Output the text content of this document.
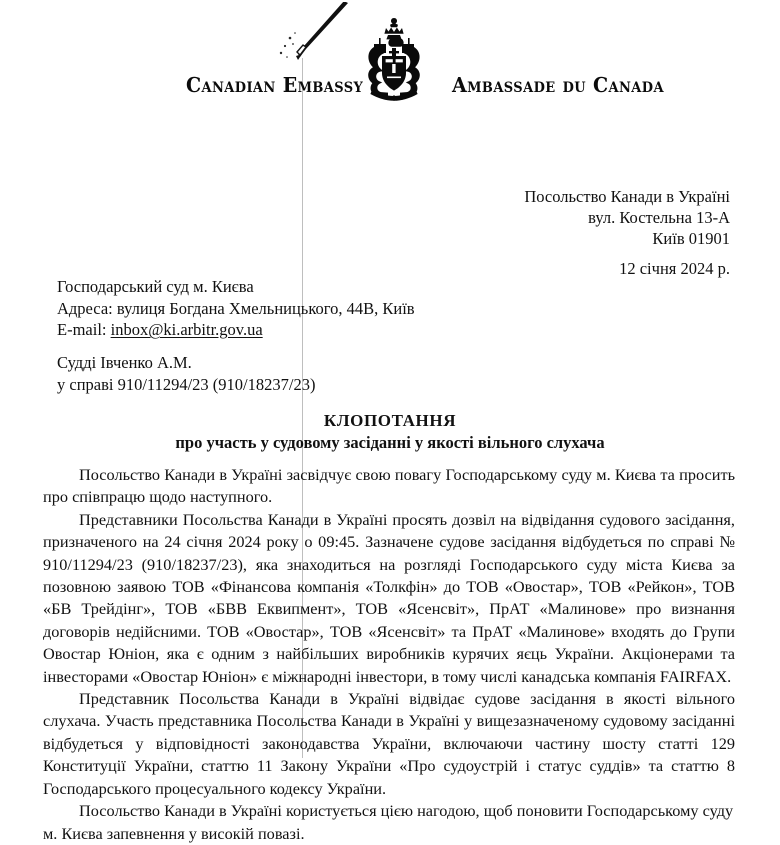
Canadian Embassy	Ambassade du Canada
Посольство Канади в Україні
вул. Костельна 13-А
Київ 01901
12 січня 2024 р.
Господарський суд м. Києва
Адреса: вулиця Богдана Хмельницького, 44В, Київ
E-mail: inbox@ki.arbitr.gov.ua
Судді Івченко А.М.
у справі 910/11294/23 (910/18237/23)
КЛОПОТАННЯ
про участь у судовому засіданні у якості вільного слухача

Посольство Канади в Україні засвідчує свою повагу Господарському суду м. Києва та просить про співпрацю щодо наступного.

Представники Посольства Канади в Україні просять дозвіл на відвідання судового засідання, призначеного на 24 січня 2024 року о 09:45. Зазначене судове засідання відбудеться по справі № 910/11294/23 (910/18237/23), яка знаходиться на розгляді Господарського суду міста Києва за позовною заявою ТОВ «Фінансова компанія «Толкфін» до ТОВ «Овостар», ТОВ «Рейкон», ТОВ «БВ Трейдінг», ТОВ «БВВ Еквипмент», ТОВ «Ясенсвіт», ПрАТ «Малинове» про визнання договорів недійсними. ТОВ «Овостар», ТОВ «Ясенсвіт» та ПрАТ «Малинове» входять до Групи Овостар Юніон, яка є одним з найбільших виробників курячих яєць України. Акціонерами та інвесторами «Овостар Юніон» є міжнародні інвестори, в тому числі канадська компанія FAIRFAX.

Представник Посольства Канади в Україні відвідає судове засідання в якості вільного слухача. Участь представника Посольства Канади в Україні у вищезазначеному судовому засіданні відбудеться у відповідності законодавства України, включаючи частину шосту статті 129 Конституції України, статтю 11 Закону України «Про судоустрій і статус суддів» та статтю 8 Господарського процесуального кодексу України.

Посольство Канади в Україні користується цією нагодою, щоб поновити Господарському суду м. Києва запевнення у високій повазі.
